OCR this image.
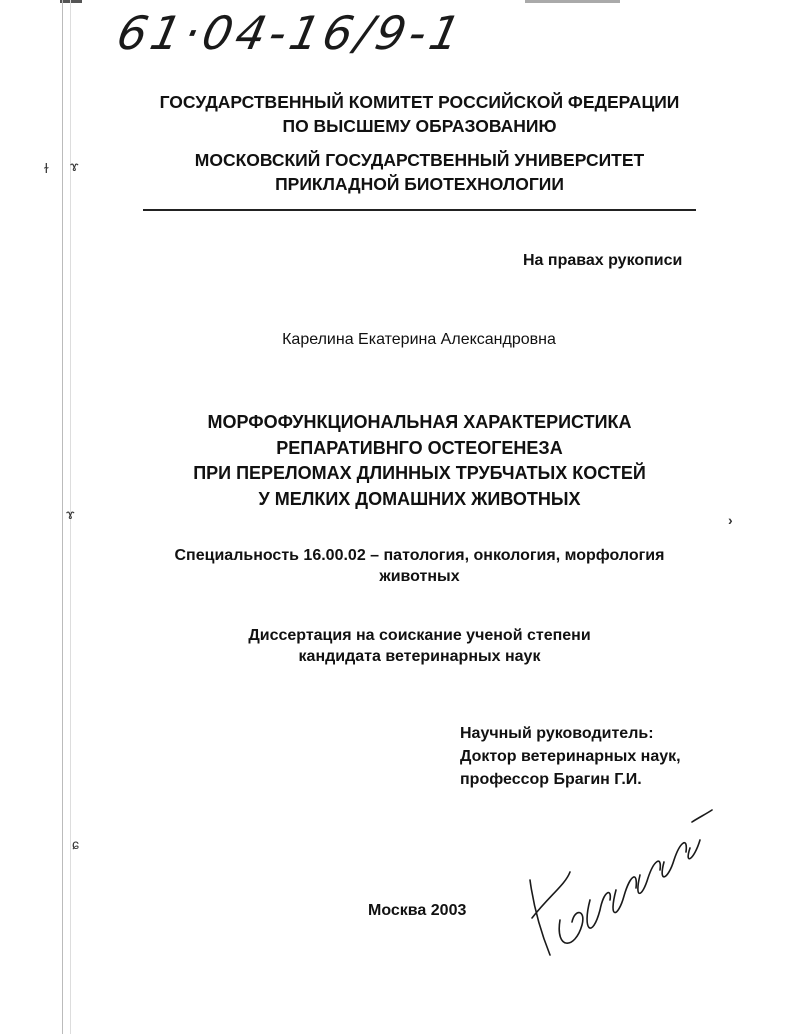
ɫ ɤ
ɤ
ɕ
›
61·04-16/9-1
ГОСУДАРСТВЕННЫЙ КОМИТЕТ РОССИЙСКОЙ ФЕДЕРАЦИИ
ПО ВЫСШЕМУ ОБРАЗОВАНИЮ
МОСКОВСКИЙ ГОСУДАРСТВЕННЫЙ УНИВЕРСИТЕТ
ПРИКЛАДНОЙ БИОТЕХНОЛОГИИ
На правах рукописи
Карелина Екатерина Александровна
МОРФОФУНКЦИОНАЛЬНАЯ ХАРАКТЕРИСТИКА
РЕПАРАТИВНГО ОСТЕОГЕНЕЗА
ПРИ ПЕРЕЛОМАХ ДЛИННЫХ ТРУБЧАТЫХ КОСТЕЙ
У МЕЛКИХ ДОМАШНИХ ЖИВОТНЫХ
Специальность 16.00.02 – патология, онкология, морфология
животных
Диссертация на соискание ученой степени
кандидата ветеринарных наук
Научный руководитель:
Доктор ветеринарных наук,
профессор Брагин Г.И.
Москва 2003
